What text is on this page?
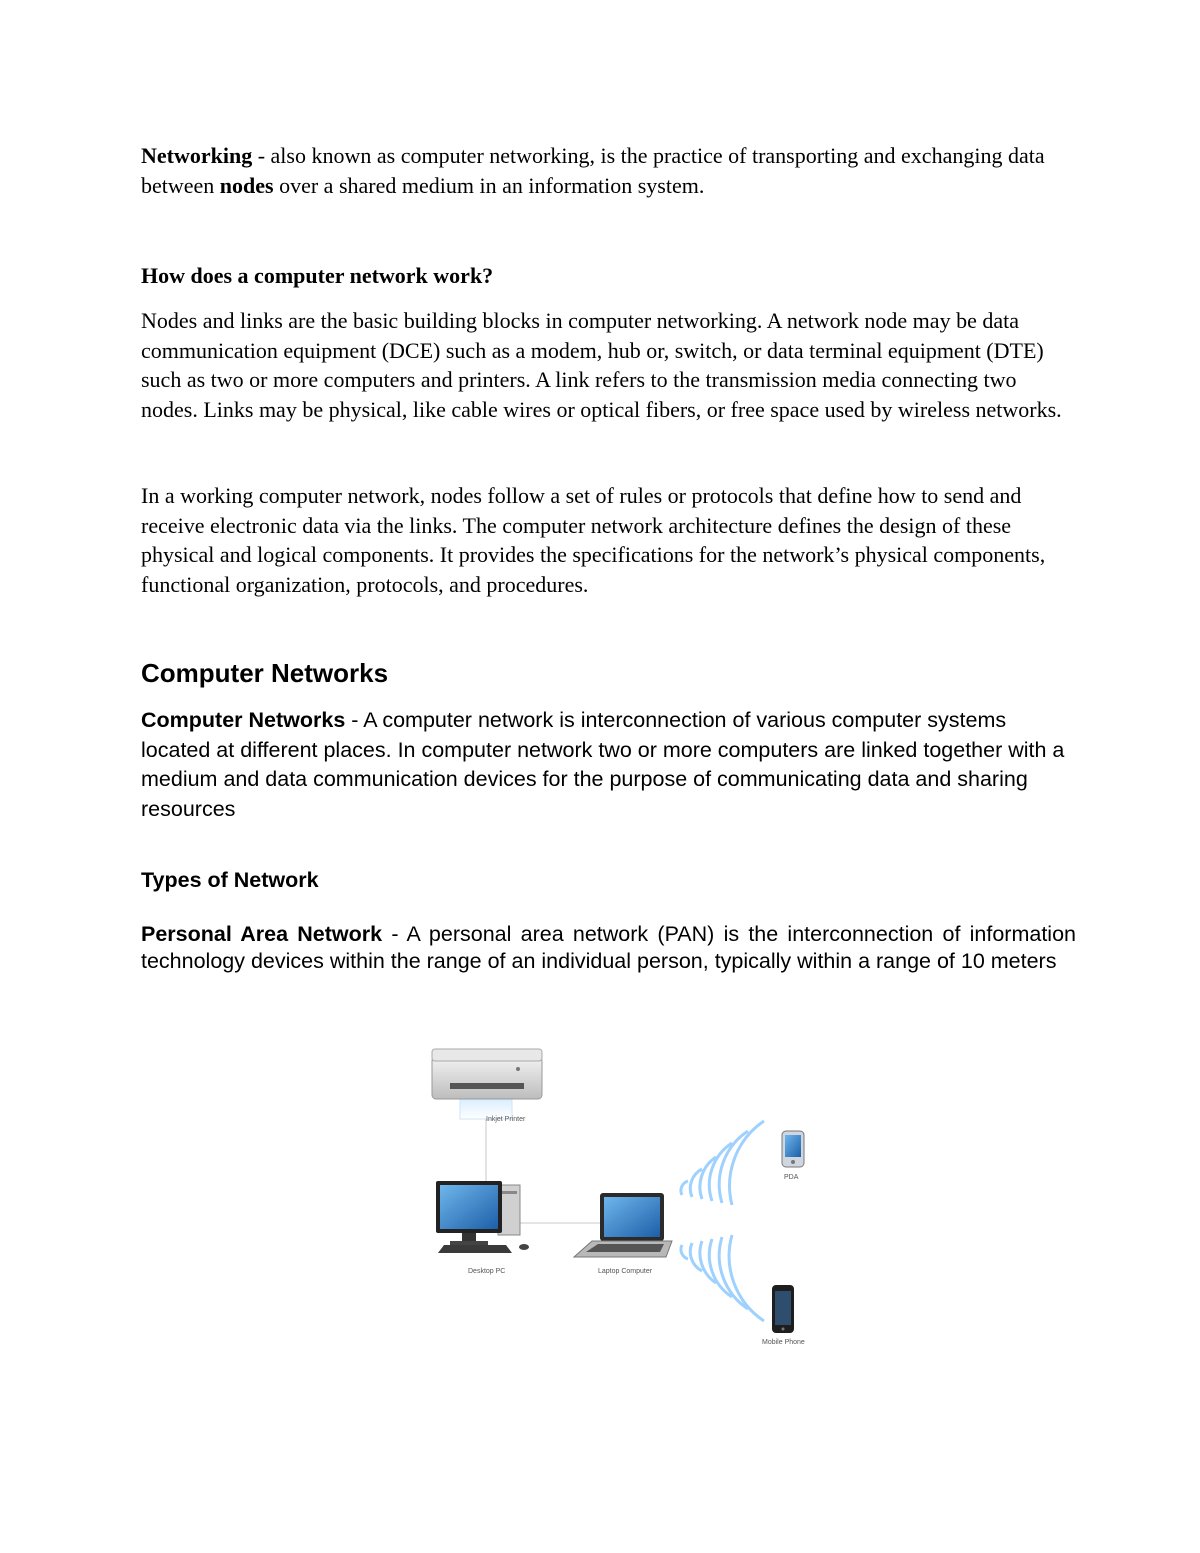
Networking - also known as computer networking, is the practice of transporting and exchanging data between nodes over a shared medium in an information system.

How does a computer network work?

Nodes and links are the basic building blocks in computer networking. A network node may be data communication equipment (DCE) such as a modem, hub or, switch, or data terminal equipment (DTE) such as two or more computers and printers. A link refers to the transmission media connecting two nodes. Links may be physical, like cable wires or optical fibers, or free space used by wireless networks.

In a working computer network, nodes follow a set of rules or protocols that define how to send and receive electronic data via the links. The computer network architecture defines the design of these physical and logical components. It provides the specifications for the network’s physical components, functional organization, protocols, and procedures.

Computer Networks

Computer Networks - A computer network is interconnection of various computer systems located at different places. In computer network two or more computers are linked together with a medium and data communication devices for the purpose of communicating data and sharing resources

Types of Network

Personal Area Network - A personal area network (PAN) is the interconnection of information technology devices within the range of an individual person, typically within a range of 10 meters

Inkjet Printer
Desktop PC	Laptop Computer
PDA
Mobile Phone
